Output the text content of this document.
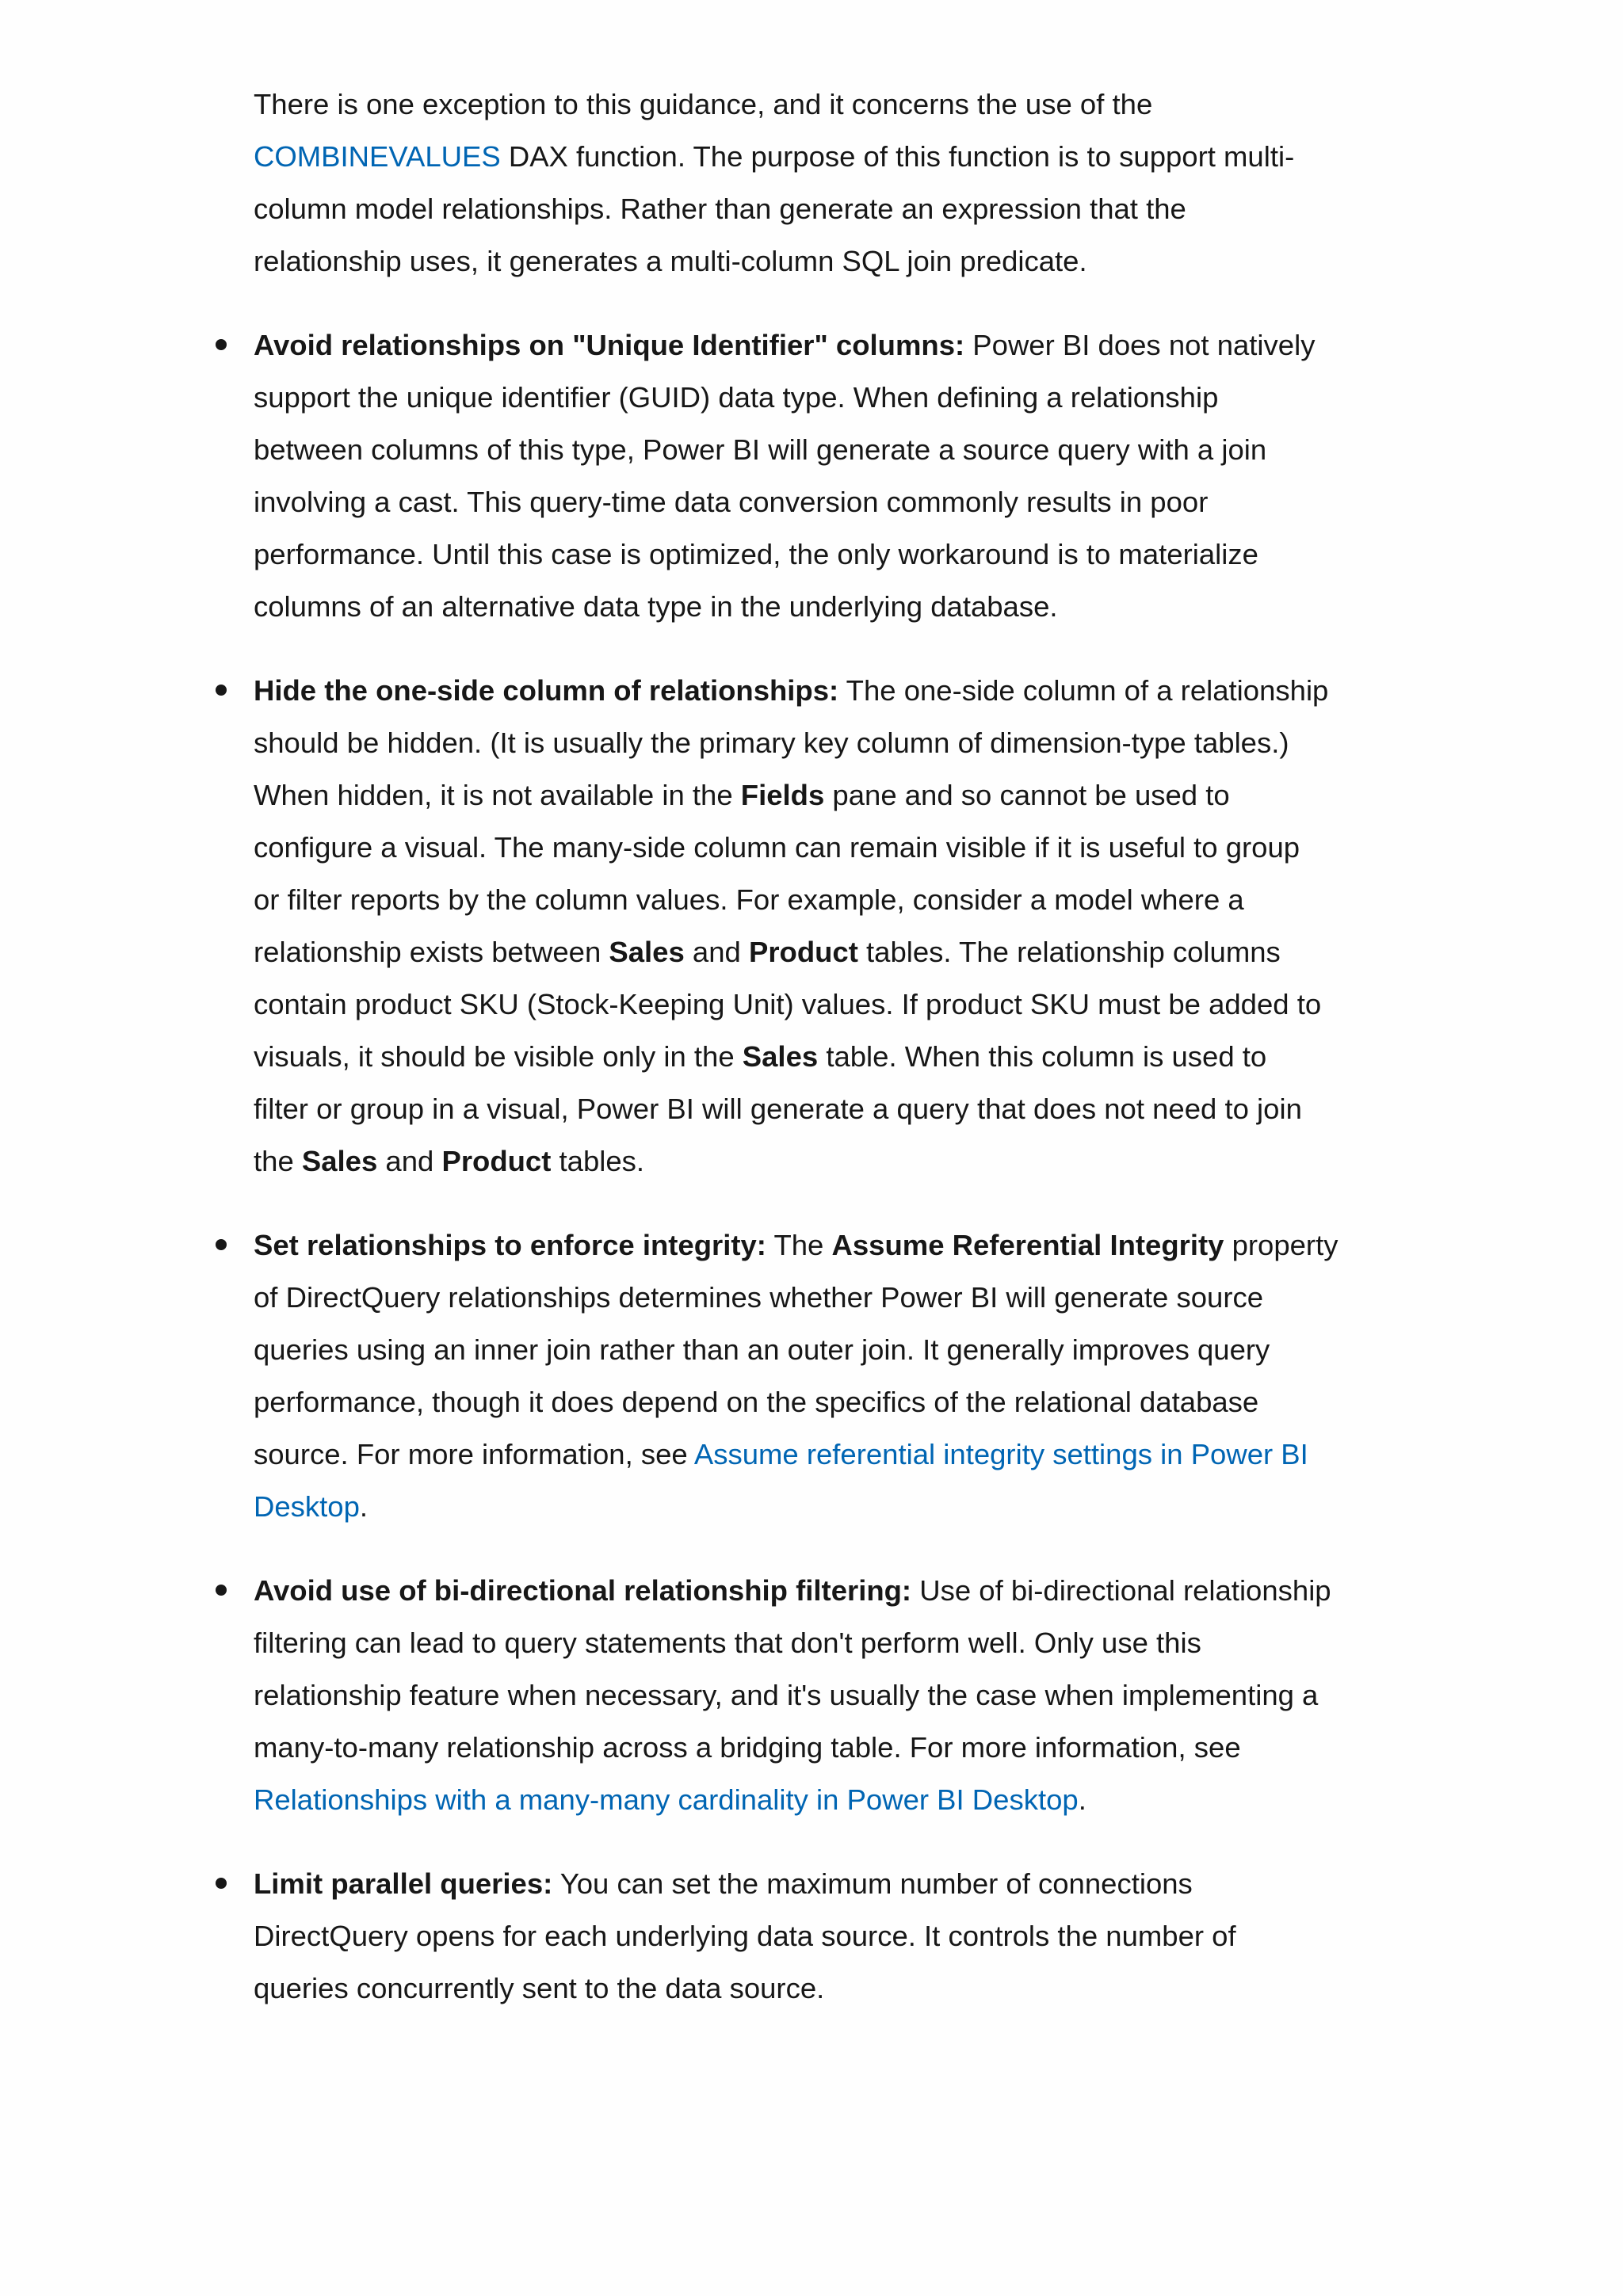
There is one exception to this guidance, and it concerns the use of the
COMBINEVALUES DAX function. The purpose of this function is to support multi-
column model relationships. Rather than generate an expression that the
relationship uses, it generates a multi-column SQL join predicate.

Avoid relationships on "Unique Identifier" columns: Power BI does not natively
support the unique identifier (GUID) data type. When defining a relationship
between columns of this type, Power BI will generate a source query with a join
involving a cast. This query-time data conversion commonly results in poor
performance. Until this case is optimized, the only workaround is to materialize
columns of an alternative data type in the underlying database.
Hide the one-side column of relationships: The one-side column of a relationship
should be hidden. (It is usually the primary key column of dimension-type tables.)
When hidden, it is not available in the Fields pane and so cannot be used to
configure a visual. The many-side column can remain visible if it is useful to group
or filter reports by the column values. For example, consider a model where a
relationship exists between Sales and Product tables. The relationship columns
contain product SKU (Stock-Keeping Unit) values. If product SKU must be added to
visuals, it should be visible only in the Sales table. When this column is used to
filter or group in a visual, Power BI will generate a query that does not need to join
the Sales and Product tables.
Set relationships to enforce integrity: The Assume Referential Integrity property
of DirectQuery relationships determines whether Power BI will generate source
queries using an inner join rather than an outer join. It generally improves query
performance, though it does depend on the specifics of the relational database
source. For more information, see Assume referential integrity settings in Power BI
Desktop.
Avoid use of bi-directional relationship filtering: Use of bi-directional relationship
filtering can lead to query statements that don't perform well. Only use this
relationship feature when necessary, and it's usually the case when implementing a
many-to-many relationship across a bridging table. For more information, see
Relationships with a many-many cardinality in Power BI Desktop.
Limit parallel queries: You can set the maximum number of connections
DirectQuery opens for each underlying data source. It controls the number of
queries concurrently sent to the data source.
